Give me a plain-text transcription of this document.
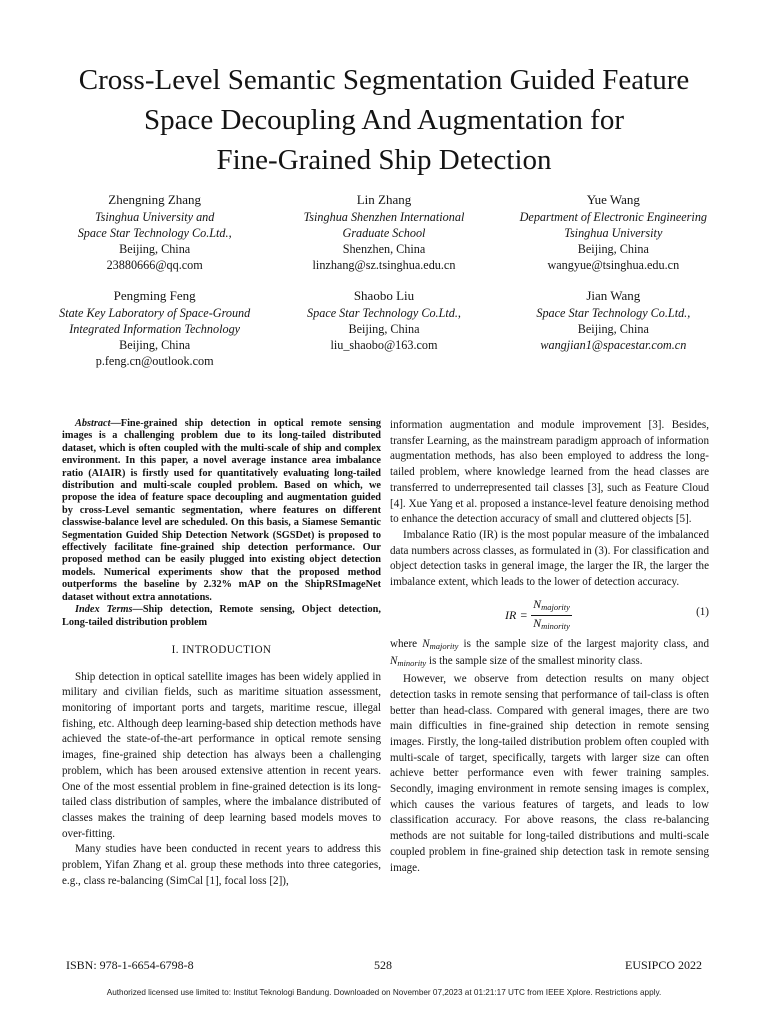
Cross-Level Semantic Segmentation Guided Feature
Space Decoupling And Augmentation for
Fine-Grained Ship Detection
Zhengning Zhang
Tsinghua University and
Space Star Technology Co.Ltd.,
Beijing, China
23880666@qq.com
Lin Zhang
Tsinghua Shenzhen International
Graduate School
Shenzhen, China
linzhang@sz.tsinghua.edu.cn
Yue Wang
Department of Electronic Engineering
Tsinghua University
Beijing, China
wangyue@tsinghua.edu.cn
Pengming Feng
State Key Laboratory of Space-Ground
Integrated Information Technology
Beijing, China
p.feng.cn@outlook.com
Shaobo Liu
Space Star Technology Co.Ltd.,
Beijing, China
liu_shaobo@163.com
Jian Wang
Space Star Technology Co.Ltd.,
Beijing, China
wangjian1@spacestar.com.cn

Abstract—Fine-grained ship detection in optical remote sensing images is a challenging problem due to its long-tailed distributed dataset, which is often coupled with the multi-scale of ship and complex environment. In this paper, a novel average instance area imbalance ratio (AIAIR) is firstly used for quantitatively evaluating long-tailed distribution and multi-scale coupled problem. Based on which, we propose the idea of feature space decoupling and augmentation guided by cross-Level semantic segmentation, where features on different classwise-balance level are scheduled. On this basis, a Siamese Semantic Segmentation Guided Ship Detection Network (SGSDet) is proposed to effectively facilitate fine-grained ship detection performance. Our proposed method can be easily plugged into existing object detection models. Numerical experiments show that the proposed method outperforms the baseline by 2.32% mAP on the ShipRSImageNet dataset without extra annotations.

Index Terms—Ship detection, Remote sensing, Object detection, Long-tailed distribution problem

I. INTRODUCTION

Ship detection in optical satellite images has been widely applied in military and civilian fields, such as maritime situation assessment, monitoring of important ports and targets, maritime rescue, illegal fishing, etc. Although deep learning-based ship detection methods have achieved the state-of-the-art performance in optical remote sensing images, fine-grained ship detection has always been a challenging problem, which has been aroused extensive attention in recent years. One of the most essential problem in fine-grained detection is its long-tailed class distribution of samples, where the imbalance distributed of classes makes the training of deep learning based models moves to over-fitting.

Many studies have been conducted in recent years to address this problem, Yifan Zhang et al. group these methods into three categories, e.g., class re-balancing (SimCal [1], focal loss [2]),

information augmentation and module improvement [3]. Besides, transfer Learning, as the mainstream paradigm approach of information augmentation methods, has also been employed to address the long-tailed problem, where knowledge learned from the head classes are transferred to underrepresented tail classes [3], such as Feature Cloud [4]. Xue Yang et al. proposed a instance-level feature denoising method to enhance the detection accuracy of small and cluttered objects [5].

Imbalance Ratio (IR) is the most popular measure of the imbalanced data numbers across classes, as formulated in (3). For classification and object detection tasks in general image, the larger the IR, the larger the imbalance extent, which leads to the lower of detection accuracy.

IR = $\frac{N_{majority}}{N_{minority}}$	(1)

where $N_{majority}$ is the sample size of the largest majority class, and $N_{minority}$ is the sample size of the smallest minority class.

However, we observe from detection results on many object detection tasks in remote sensing that performance of tail-class is often better than head-class. Compared with general images, there are two main difficulties in fine-grained ship detection in remote sensing images. Firstly, the long-tailed distribution problem often coupled with multi-scale of target, specifically, targets with larger size can often achieve better performance even with fewer training samples. Secondly, imaging environment in remote sensing images is complex, which causes the various features of targets, and leads to low classification accuracy. For above reasons, the class re-balancing methods are not suitable for long-tailed distributions and multi-scale coupled problem in fine-grained ship detection task in remote sensing image.

ISBN: 978-1-6654-6798-8	528	EUSIPCO 2022
Authorized licensed use limited to: Institut Teknologi Bandung. Downloaded on November 07,2023 at 01:21:17 UTC from IEEE Xplore. Restrictions apply.
